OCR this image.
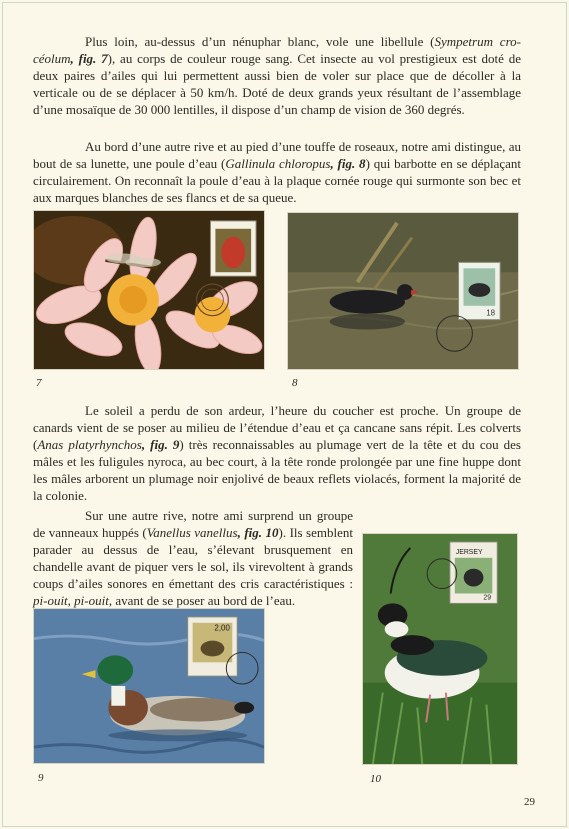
Plus loin, au-dessus d’un nénuphar blanc, vole une libellule (Sympetrum cro- céolum, fig. 7), au corps de couleur rouge sang. Cet insecte au vol prestigieux est doté de deux paires d’ailes qui lui permettent aussi bien de voler sur place que de décoller à la verticale ou de se déplacer à 50 km/h. Doté de deux grands yeux résultant de l’assemblage d’une mosaïque de 30 000 lentilles, il dispose d’un champ de vision de 360 degrés.

Au bord d’une autre rive et au pied d’une touffe de roseaux, notre ami distingue, au bout de sa lunette, une poule d’eau (Gallinula chloropus, fig. 8) qui barbotte en se déplaçant circulairement. On reconnaît la poule d’eau à la plaque cornée rouge qui surmonte son bec et aux marques blanches de ses flancs et de sa queue.

7
18
8

Le soleil a perdu de son ardeur, l’heure du coucher est proche. Un groupe de canards vient de se poser au milieu de l’étendue d’eau et ça cancane sans répit. Les colverts (Anas platyrhynchos, fig. 9) très reconnaissables au plumage vert de la tête et du cou des mâles et les fuligules nyroca, au bec court, à la tête ronde prolongée par une fine huppe dont les mâles arborent un plumage noir enjolivé de beaux reflets violacés, forment la majorité de la colonie.

Sur une autre rive, notre ami surprend un groupe de vanneaux huppés (Vanellus vanellus, fig. 10). Ils semblent parader au dessus de l’eau, s’élevant brusquement en chandelle avant de piquer vers le sol, ils virevoltent à grands coups d’ailes sonores en émettant des cris caractéristiques : pi-ouit, pi-ouit, avant de se poser au bord de l’eau.

2,00
9
JERSEY
29
10
29
